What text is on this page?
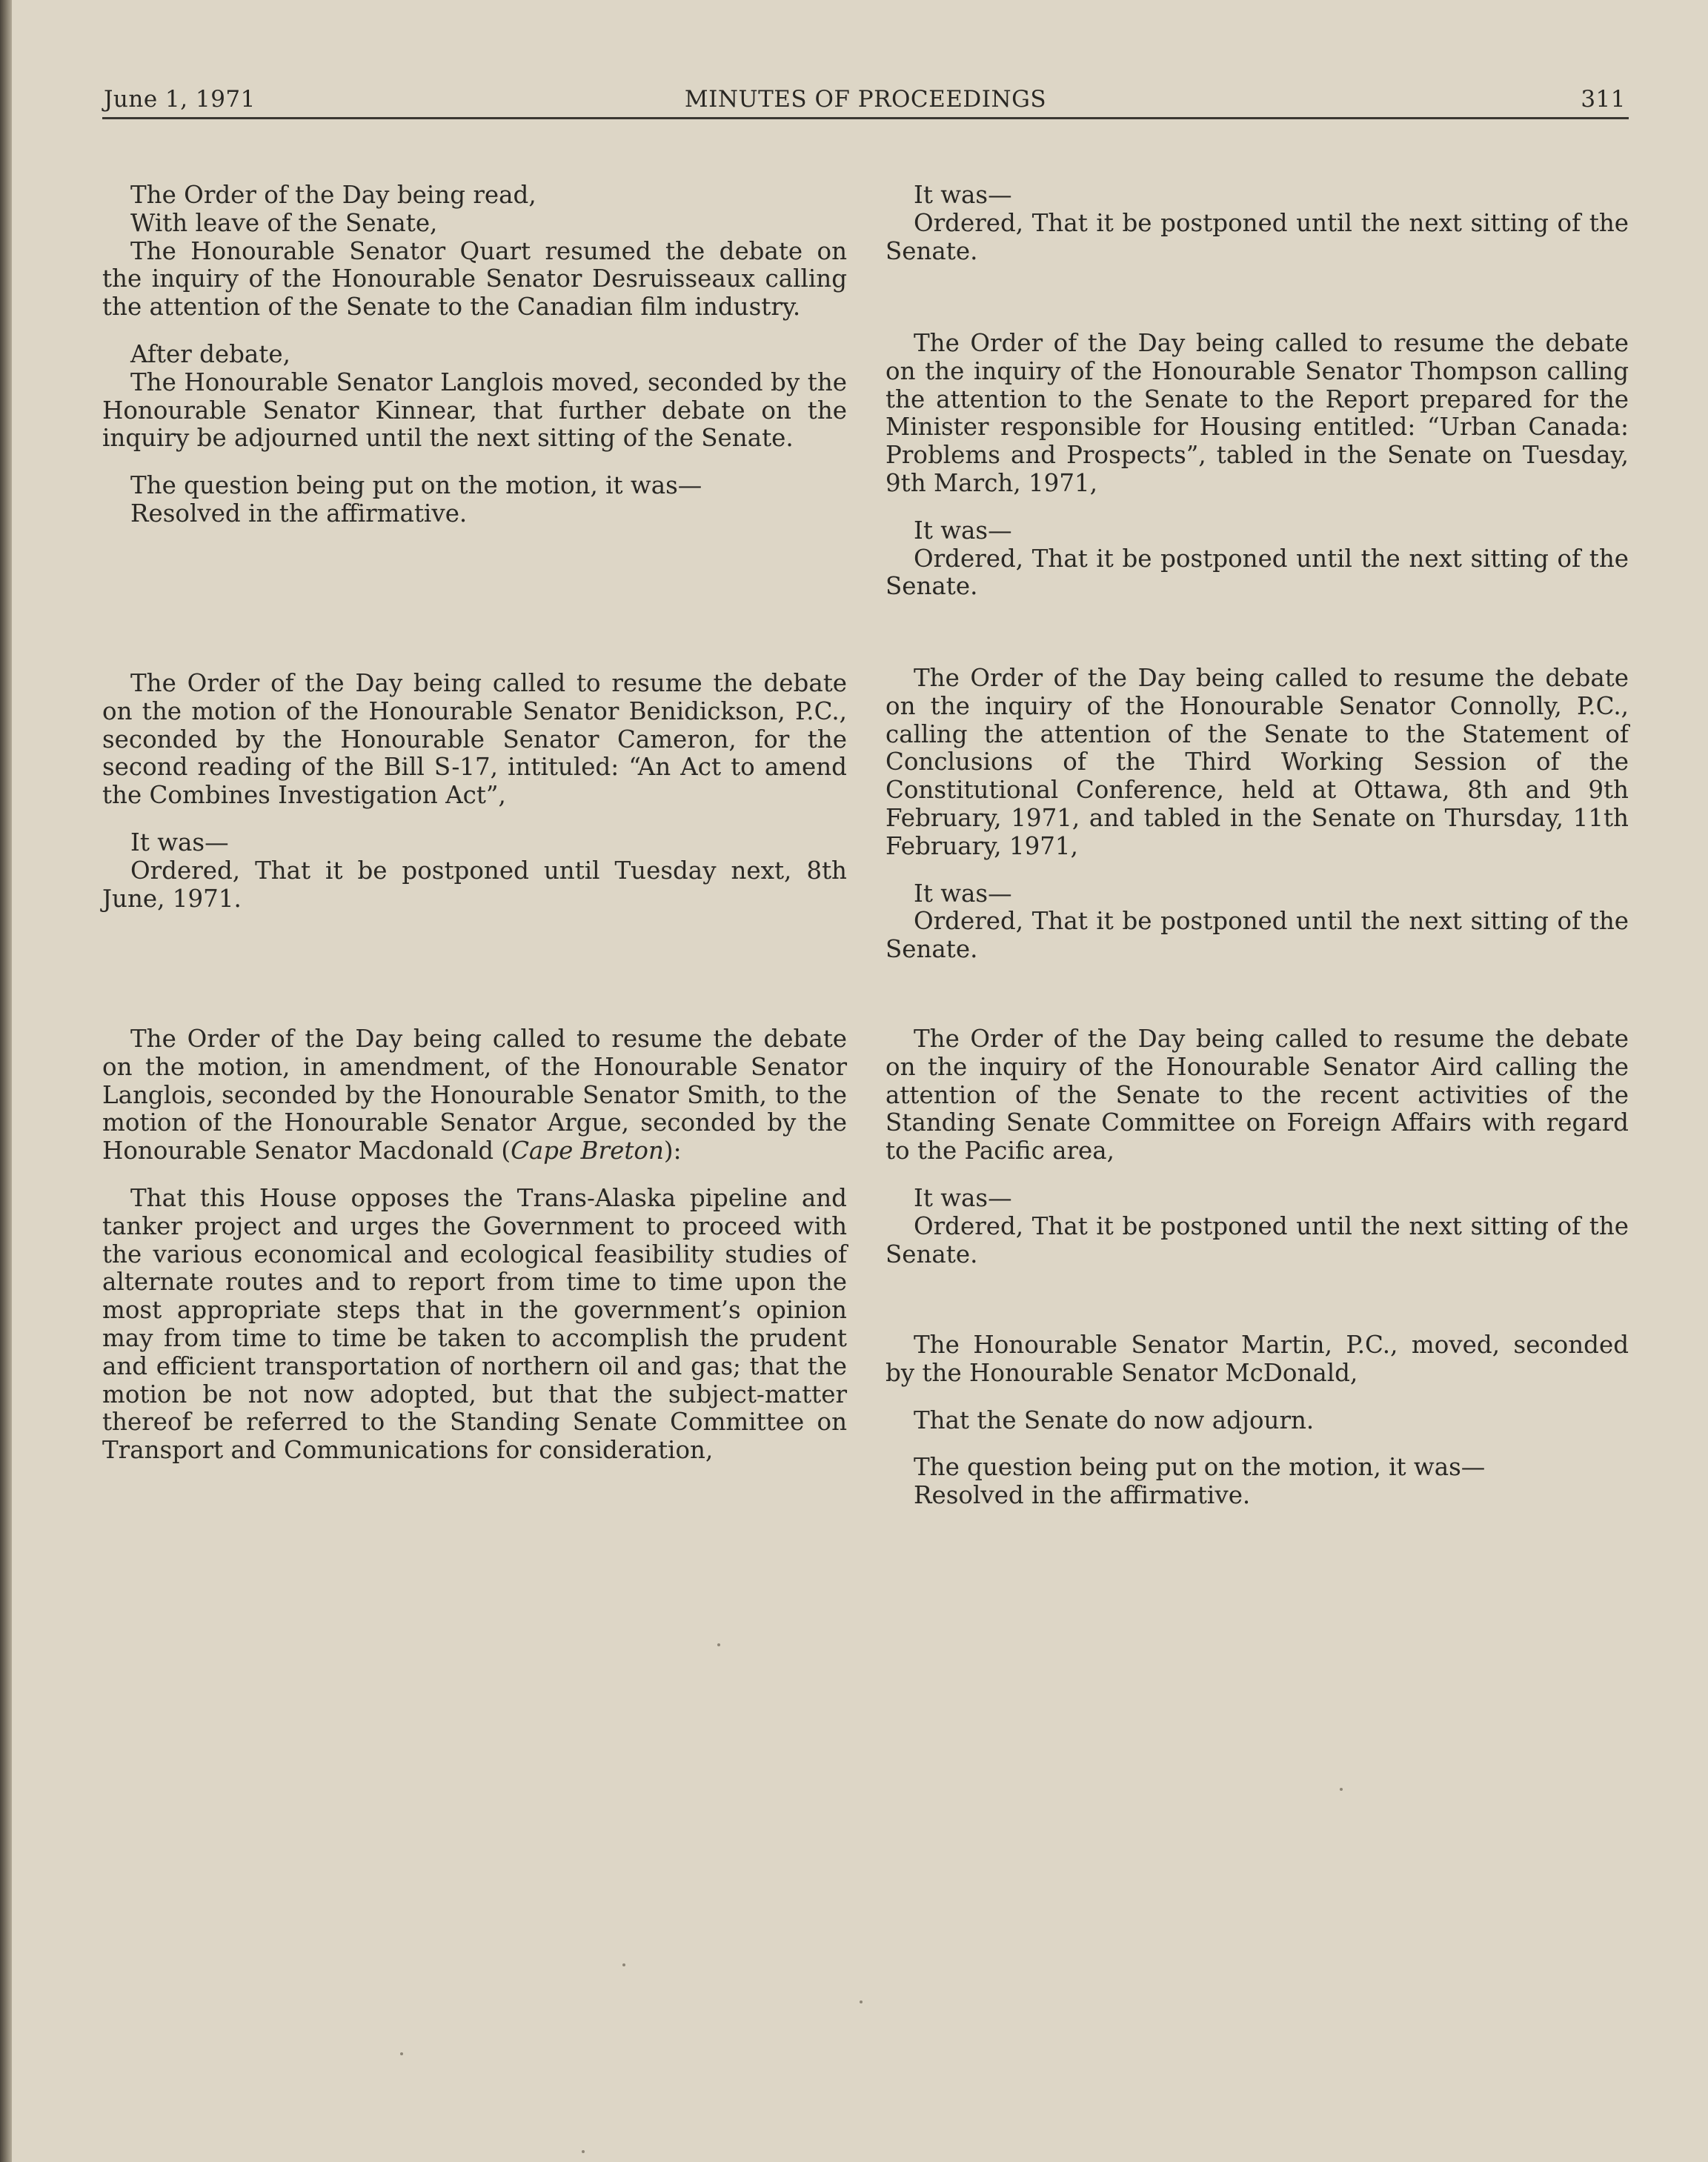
MINUTES OF PROCEEDINGS
June 1, 1971	311

The Order of the Day being read,

With leave of the Senate,

The Honourable Senator Quart resumed the debate on the inquiry of the Honourable Senator Desruisseaux calling the attention of the Senate to the Canadian film industry.

After debate,

The Honourable Senator Langlois moved, seconded by the Honourable Senator Kinnear, that further debate on the inquiry be adjourned until the next sitting of the Senate.

The question being put on the motion, it was—

Resolved in the affirmative.

The Order of the Day being called to resume the debate on the motion of the Honourable Senator Benidickson, P.C., seconded by the Honourable Senator Cameron, for the second reading of the Bill S-17, intituled: “An Act to amend the Combines Investigation Act”,

It was—

Ordered, That it be postponed until Tuesday next, 8th June, 1971.

The Order of the Day being called to resume the debate on the motion, in amendment, of the Honourable Senator Langlois, seconded by the Honourable Senator Smith, to the motion of the Honourable Senator Argue, seconded by the Honourable Senator Macdonald (Cape Breton):

That this House opposes the Trans-Alaska pipeline and tanker project and urges the Government to proceed with the various economical and ecological feasibility studies of alternate routes and to report from time to time upon the most appropriate steps that in the government’s opinion may from time to time be taken to accomplish the prudent and efficient transportation of northern oil and gas; that the motion be not now adopted, but that the subject-matter thereof be referred to the Standing Senate Committee on Transport and Communications for consideration,

It was—

Ordered, That it be postponed until the next sitting of the Senate.

The Order of the Day being called to resume the debate on the inquiry of the Honourable Senator Thompson calling the attention to the Senate to the Report prepared for the Minister responsible for Housing entitled: “Urban Canada: Problems and Prospects”, tabled in the Senate on Tuesday, 9th March, 1971,

It was—

Ordered, That it be postponed until the next sitting of the Senate.

The Order of the Day being called to resume the debate on the inquiry of the Honourable Senator Connolly, P.C., calling the attention of the Senate to the Statement of Conclusions of the Third Working Session of the Constitutional Conference, held at Ottawa, 8th and 9th February, 1971, and tabled in the Senate on Thursday, 11th February, 1971,

It was—

Ordered, That it be postponed until the next sitting of the Senate.

The Order of the Day being called to resume the debate on the inquiry of the Honourable Senator Aird calling the attention of the Senate to the recent activities of the Standing Senate Committee on Foreign Affairs with regard to the Pacific area,

It was—

Ordered, That it be postponed until the next sitting of the Senate.

The Honourable Senator Martin, P.C., moved, seconded by the Honourable Senator McDonald,

That the Senate do now adjourn.

The question being put on the motion, it was—

Resolved in the affirmative.
